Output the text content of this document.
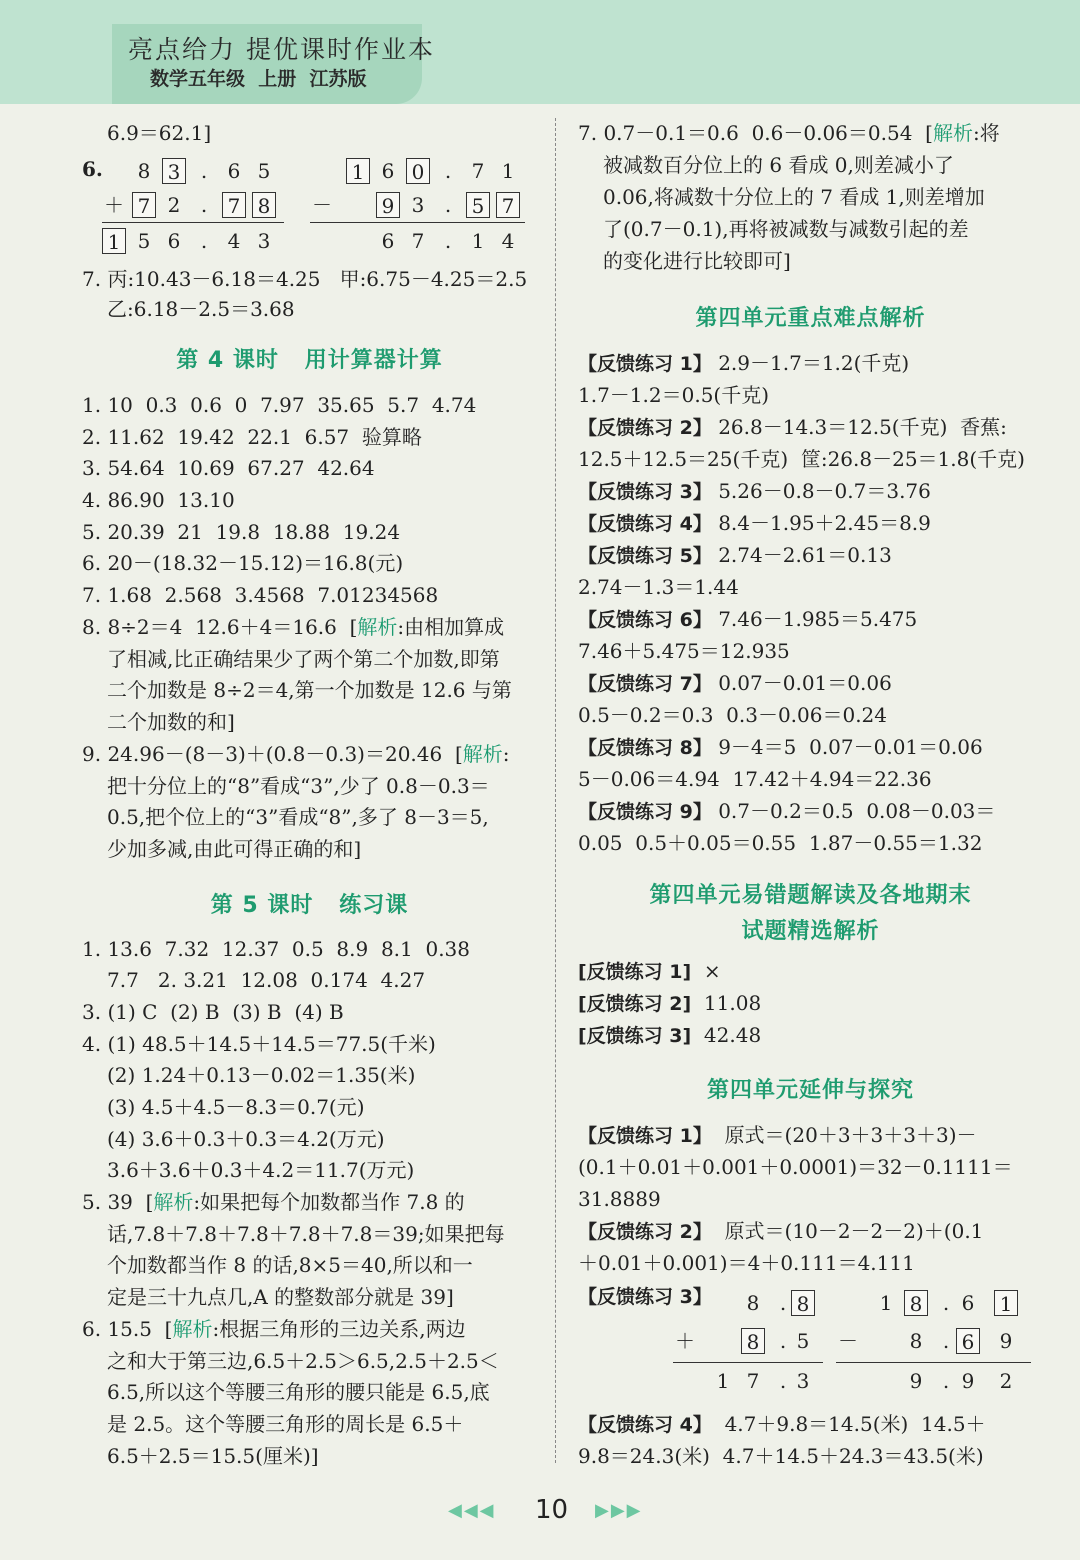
亮点给力 提优课时作业本
数学五年级  上册  江苏版
6.9＝62.1]
6. 8 3	.	6 5
＋ 7 2	.	7 8
1 5 6	.	4 3
1 6 0	.	7 1
－ 9 3	.	5 7
6 7	.	1 4
7. 丙:10.43－6.18＝4.25   甲:6.75－4.25＝2.5
乙:6.18－2.5＝3.68
第 4 课时   用计算器计算
1. 10  0.3  0.6  0  7.97  35.65  5.7  4.74
2. 11.62  19.42  22.1  6.57  验算略
3. 54.64  10.69  67.27  42.64
4. 86.90  13.10
5. 20.39  21  19.8  18.88  19.24
6. 20－(18.32－15.12)＝16.8(元)
7. 1.68  2.568  3.4568  7.01234568
8. 8÷2＝4  12.6＋4＝16.6  [解析:由相加算成
了相减,比正确结果少了两个第二个加数,即第
二个加数是 8÷2＝4,第一个加数是 12.6 与第
二个加数的和]
9. 24.96－(8－3)＋(0.8－0.3)＝20.46  [解析:
把十分位上的“8”看成“3”,少了 0.8－0.3＝
0.5,把个位上的“3”看成“8”,多了 8－3＝5,
少加多减,由此可得正确的和]
第 5 课时   练习课
1. 13.6  7.32  12.37  0.5  8.9  8.1  0.38
7.7   2. 3.21  12.08  0.174  4.27
3. (1) C  (2) B  (3) B  (4) B
4. (1) 48.5＋14.5＋14.5＝77.5(千米)
(2) 1.24＋0.13－0.02＝1.35(米)
(3) 4.5＋4.5－8.3＝0.7(元)
(4) 3.6＋0.3＋0.3＝4.2(万元)
3.6＋3.6＋0.3＋4.2＝11.7(万元)
5. 39  [解析:如果把每个加数都当作 7.8 的
话,7.8＋7.8＋7.8＋7.8＋7.8＝39;如果把每
个加数都当作 8 的话,8×5＝40,所以和一
定是三十九点几,A 的整数部分就是 39]
6. 15.5  [解析:根据三角形的三边关系,两边
之和大于第三边,6.5＋2.5＞6.5,2.5＋2.5＜
6.5,所以这个等腰三角形的腰只能是 6.5,底
是 2.5。这个等腰三角形的周长是 6.5＋
6.5＋2.5＝15.5(厘米)]
7. 0.7－0.1＝0.6  0.6－0.06＝0.54  [解析:将
被减数百分位上的 6 看成 0,则差减小了
0.06,将减数十分位上的 7 看成 1,则差增加
了(0.7－0.1),再将被减数与减数引起的差
的变化进行比较即可]
第四单元重点难点解析
【反馈练习 1】 2.9－1.7＝1.2(千克)
1.7－1.2＝0.5(千克)
【反馈练习 2】 26.8－14.3＝12.5(千克)  香蕉:
12.5＋12.5＝25(千克)  筐:26.8－25＝1.8(千克)
【反馈练习 3】 5.26－0.8－0.7＝3.76
【反馈练习 4】 8.4－1.95＋2.45＝8.9
【反馈练习 5】 2.74－2.61＝0.13
2.74－1.3＝1.44
【反馈练习 6】 7.46－1.985＝5.475
7.46＋5.475＝12.935
【反馈练习 7】 0.07－0.01＝0.06
0.5－0.2＝0.3  0.3－0.06＝0.24
【反馈练习 8】 9－4＝5  0.07－0.01＝0.06
5－0.06＝4.94  17.42＋4.94＝22.36
【反馈练习 9】 0.7－0.2＝0.5  0.08－0.03＝
0.05  0.5＋0.05＝0.55  1.87－0.55＝1.32
第四单元易错题解读及各地期末
试题精选解析
[反馈练习 1] ×
[反馈练习 2] 11.08
[反馈练习 3] 42.48
第四单元延伸与探究
【反馈练习 1】 原式＝(20＋3＋3＋3＋3)－
(0.1＋0.01＋0.001＋0.0001)＝32－0.1111＝
31.8889
【反馈练习 2】 原式＝(10－2－2－2)＋(0.1
＋0.01＋0.001)＝4＋0.111＝4.111
【反馈练习 3】 8	. 8
＋	8	. 5
1 7	. 3
1 8	. 6 1
－	8	. 6 9
9	. 9 2
【反馈练习 4】 4.7＋9.8＝14.5(米)  14.5＋
9.8＝24.3(米)  4.7＋14.5＋24.3＝43.5(米)
◀◀◀ 10 ▶▶▶
